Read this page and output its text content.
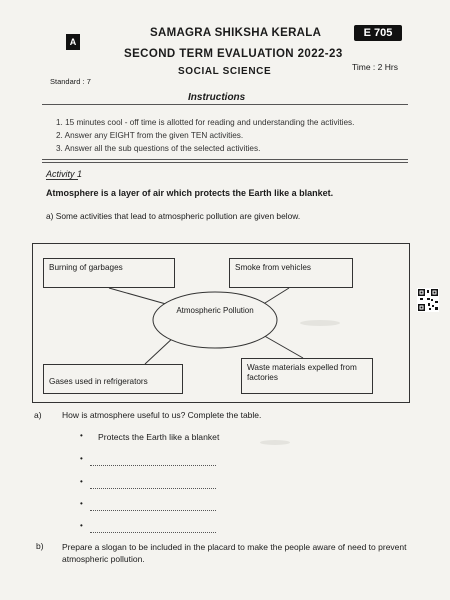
A
SAMAGRA SHIKSHA KERALA
SECOND TERM EVALUATION 2022-23
E 705
SOCIAL SCIENCE	Time : 2 Hrs
Standard : 7
Instructions
1. 15 minutes cool - off time is allotted for reading and understanding the activities.
2. Answer any EIGHT from the given TEN activities.
3. Answer all the sub questions of the selected activities.
Activity 1
Atmosphere is a layer of air which protects the Earth like a blanket.
a) Some activities that lead to atmospheric pollution are given below.
Atmospheric Pollution
Burning of garbages	Smoke from vehicles
Gases used in refrigerators
Waste materials expelled from factories
a) How is atmosphere useful to us? Complete the table.
• Protects the Earth like a blanket
•
•
•
•
b) Prepare a slogan to be included in the placard to make the people aware of need to prevent atmospheric pollution.
